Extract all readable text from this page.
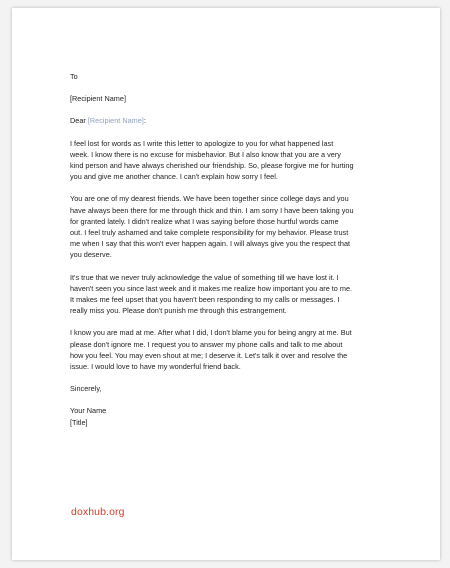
To
[Recipient Name]
Dear [Recipient Name]:
I feel lost for words as I write this letter to apologize to you for what happened last
week. I know there is no excuse for misbehavior. But I also know that you are a very
kind person and have always cherished our friendship. So, please forgive me for hurting
you and give me another chance. I can't explain how sorry I feel.
You are one of my dearest friends. We have been together since college days and you
have always been there for me through thick and thin. I am sorry I have been taking you
for granted lately. I didn't realize what I was saying before those hurtful words came
out. I feel truly ashamed and take complete responsibility for my behavior. Please trust
me when I say that this won't ever happen again. I will always give you the respect that
you deserve.
It's true that we never truly acknowledge the value of something till we have lost it. I
haven't seen you since last week and it makes me realize how important you are to me.
It makes me feel upset that you haven't been responding to my calls or messages. I
really miss you. Please don't punish me through this estrangement.
I know you are mad at me. After what I did, I don't blame you for being angry at me. But
please don't ignore me. I request you to answer my phone calls and talk to me about
how you feel. You may even shout at me; I deserve it. Let's talk it over and resolve the
issue. I would love to have my wonderful friend back.
Sincerely,
Your Name
[Title]
doxhub.org
